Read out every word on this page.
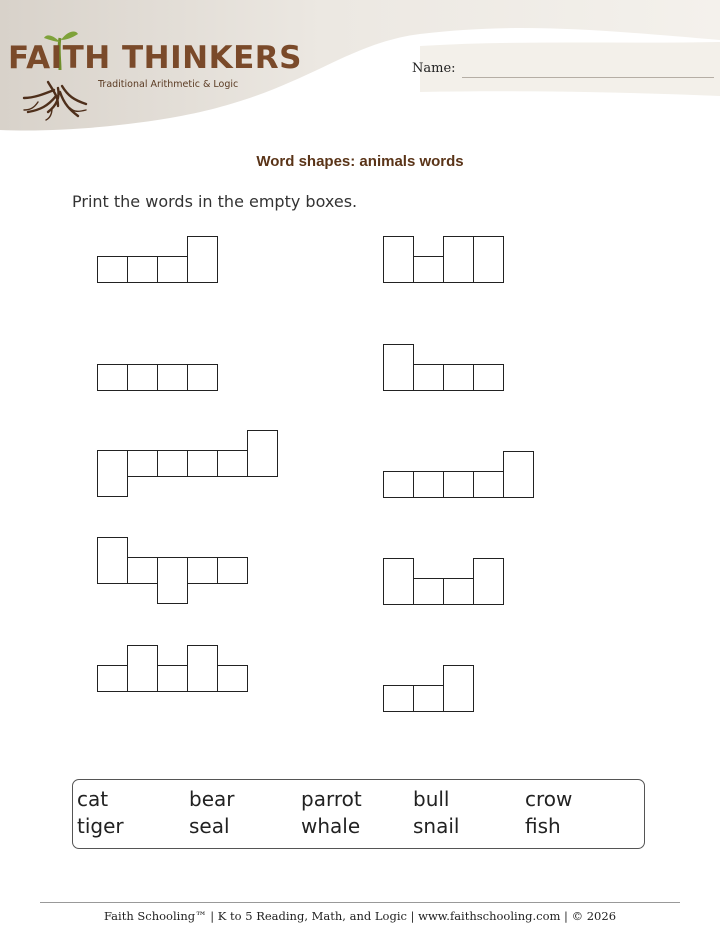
FAITH THINKERS
Traditional Arithmetic & Logic
Name:
Word shapes: animals words
Print the words in the empty boxes.
cat	bear	parrot	bull	crow
tiger	seal	whale	snail	fish
Faith Schooling™ | K to 5 Reading, Math, and Logic | www.faithschooling.com | © 2026
